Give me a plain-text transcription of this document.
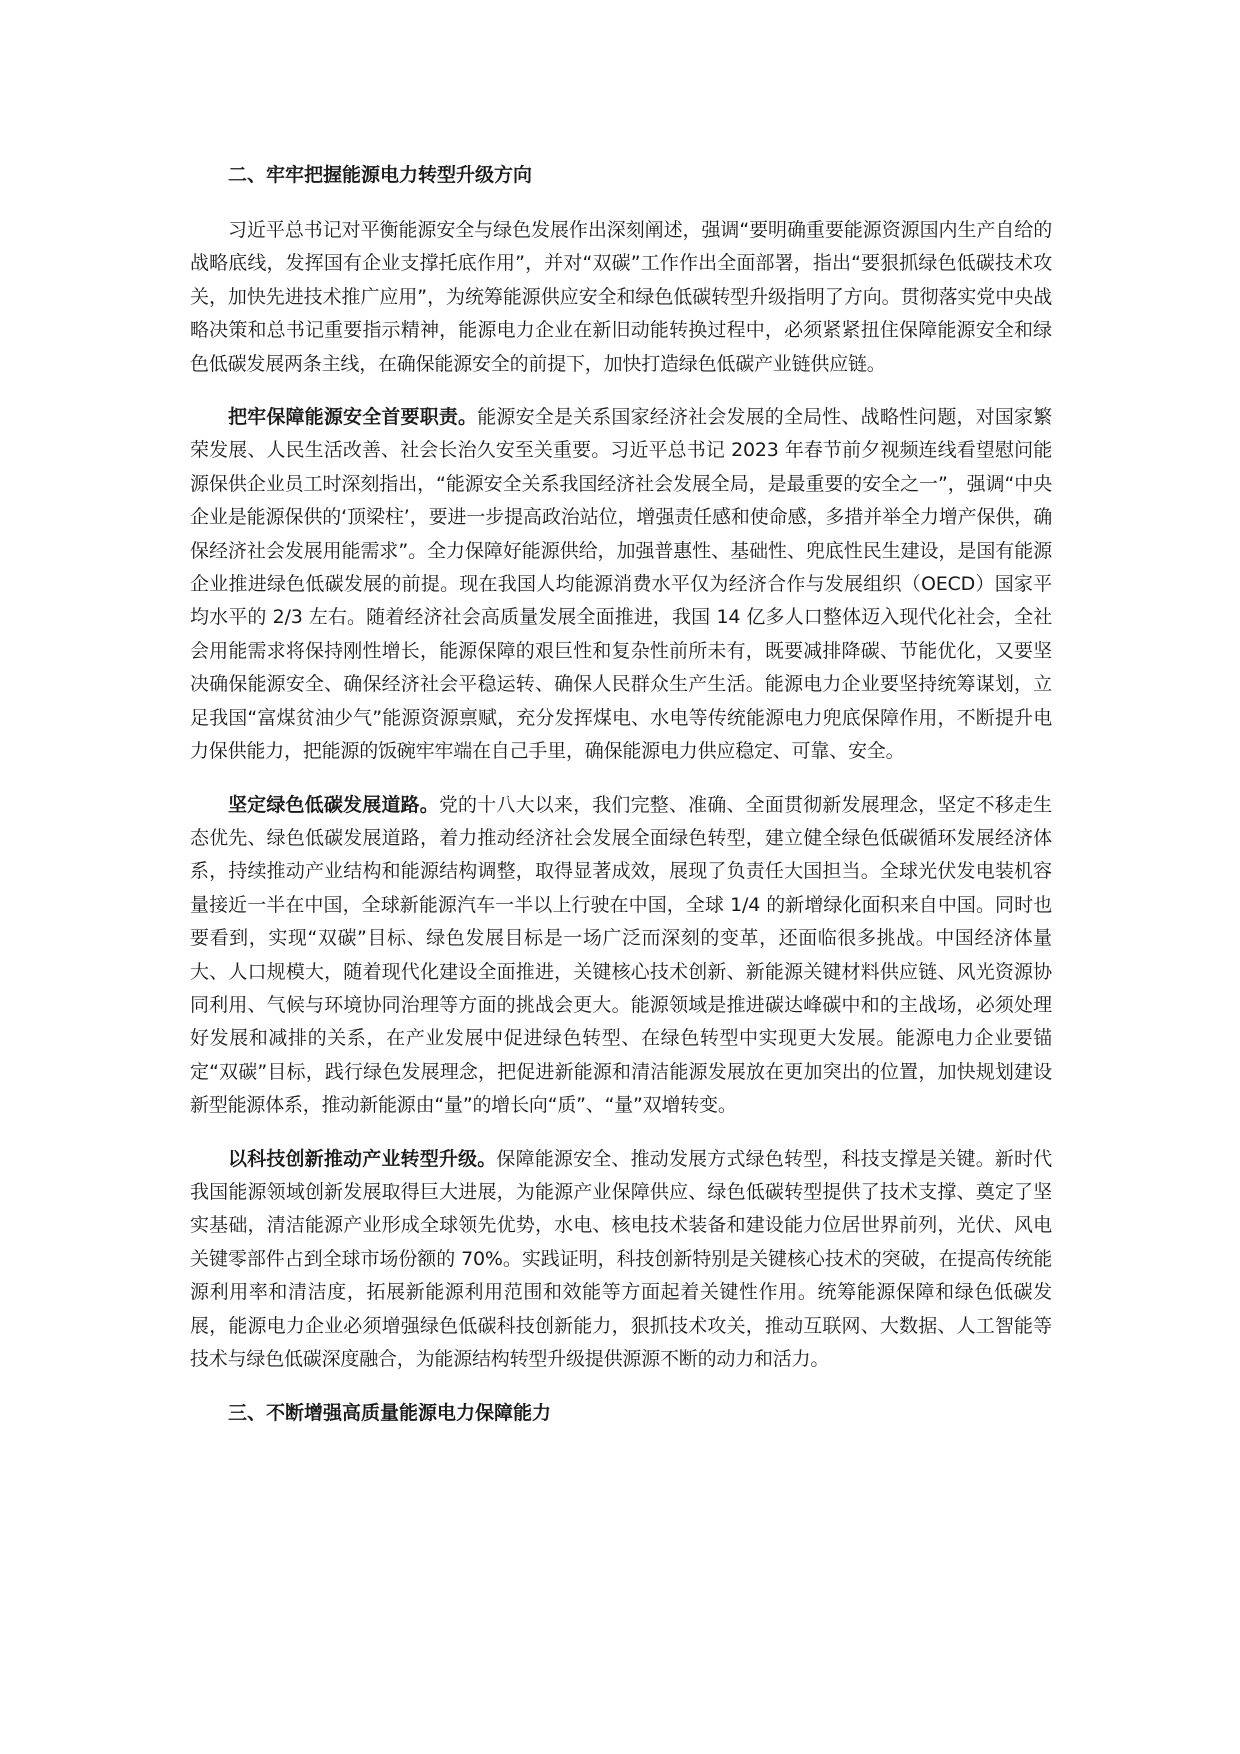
二、牢牢把握能源电力转型升级方向

习近平总书记对平衡能源安全与绿色发展作出深刻阐述，强调“要明确重要能源资源国内生产自给的战略底线，发挥国有企业支撑托底作用”，并对“双碳”工作作出全面部署，指出“要狠抓绿色低碳技术攻关，加快先进技术推广应用”，为统筹能源供应安全和绿色低碳转型升级指明了方向。贯彻落实党中央战略决策和总书记重要指示精神，能源电力企业在新旧动能转换过程中，必须紧紧扭住保障能源安全和绿色低碳发展两条主线，在确保能源安全的前提下，加快打造绿色低碳产业链供应链。

把牢保障能源安全首要职责。能源安全是关系国家经济社会发展的全局性、战略性问题，对国家繁荣发展、人民生活改善、社会长治久安至关重要。习近平总书记 2023 年春节前夕视频连线看望慰问能源保供企业员工时深刻指出，“能源安全关系我国经济社会发展全局，是最重要的安全之一”，强调“中央企业是能源保供的‘顶梁柱’，要进一步提高政治站位，增强责任感和使命感，多措并举全力增产保供，确保经济社会发展用能需求”。全力保障好能源供给，加强普惠性、基础性、兜底性民生建设，是国有能源企业推进绿色低碳发展的前提。现在我国人均能源消费水平仅为经济合作与发展组织（OECD）国家平均水平的 2/3 左右。随着经济社会高质量发展全面推进，我国 14 亿多人口整体迈入现代化社会，全社会用能需求将保持刚性增长，能源保障的艰巨性和复杂性前所未有，既要减排降碳、节能优化，又要坚决确保能源安全、确保经济社会平稳运转、确保人民群众生产生活。能源电力企业要坚持统筹谋划，立足我国“富煤贫油少气”能源资源禀赋，充分发挥煤电、水电等传统能源电力兜底保障作用，不断提升电力保供能力，把能源的饭碗牢牢端在自己手里，确保能源电力供应稳定、可靠、安全。

坚定绿色低碳发展道路。党的十八大以来，我们完整、准确、全面贯彻新发展理念，坚定不移走生态优先、绿色低碳发展道路，着力推动经济社会发展全面绿色转型，建立健全绿色低碳循环发展经济体系，持续推动产业结构和能源结构调整，取得显著成效，展现了负责任大国担当。全球光伏发电装机容量接近一半在中国，全球新能源汽车一半以上行驶在中国，全球 1/4 的新增绿化面积来自中国。同时也要看到，实现“双碳”目标、绿色发展目标是一场广泛而深刻的变革，还面临很多挑战。中国经济体量大、人口规模大，随着现代化建设全面推进，关键核心技术创新、新能源关键材料供应链、风光资源协同利用、气候与环境协同治理等方面的挑战会更大。能源领域是推进碳达峰碳中和的主战场，必须处理好发展和减排的关系，在产业发展中促进绿色转型、在绿色转型中实现更大发展。能源电力企业要锚定“双碳”目标，践行绿色发展理念，把促进新能源和清洁能源发展放在更加突出的位置，加快规划建设新型能源体系，推动新能源由“量”的增长向“质”、“量”双增转变。

以科技创新推动产业转型升级。保障能源安全、推动发展方式绿色转型，科技支撑是关键。新时代我国能源领域创新发展取得巨大进展，为能源产业保障供应、绿色低碳转型提供了技术支撑、奠定了坚实基础，清洁能源产业形成全球领先优势，水电、核电技术装备和建设能力位居世界前列，光伏、风电关键零部件占到全球市场份额的 70%。实践证明，科技创新特别是关键核心技术的突破，在提高传统能源利用率和清洁度，拓展新能源利用范围和效能等方面起着关键性作用。统筹能源保障和绿色低碳发展，能源电力企业必须增强绿色低碳科技创新能力，狠抓技术攻关，推动互联网、大数据、人工智能等技术与绿色低碳深度融合，为能源结构转型升级提供源源不断的动力和活力。

三、不断增强高质量能源电力保障能力
